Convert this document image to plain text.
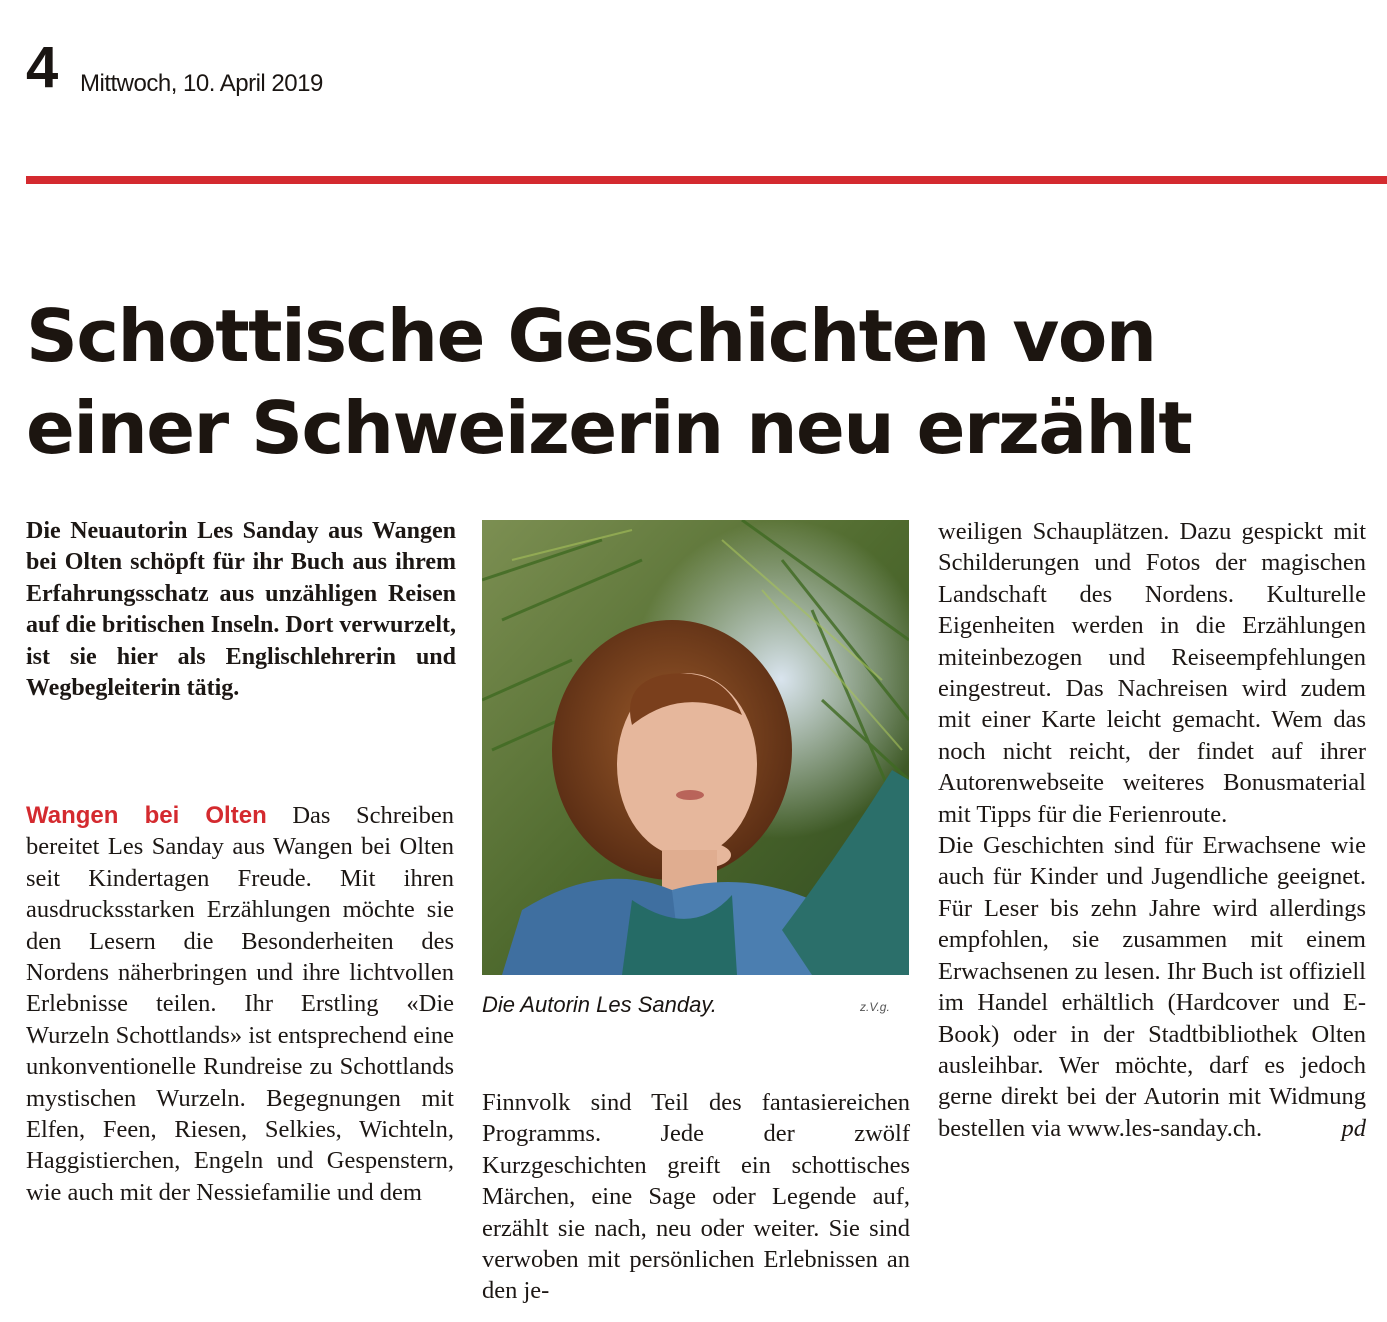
4 Mittwoch, 10. April 2019
Schottische Geschichten von
einer Schweizerin neu erzählt

Die Neuautorin Les Sanday aus Wangen bei Olten schöpft für ihr Buch aus ihrem Erfahrungsschatz aus unzähligen Reisen auf die britischen Inseln. Dort verwurzelt, ist sie hier als Englischlehrerin und Wegbegleiterin tätig.

Wangen bei Olten Das Schreiben bereitet Les Sanday aus Wangen bei Olten seit Kindertagen Freude. Mit ihren ausdrucksstarken Erzählungen möchte sie den Lesern die Besonderheiten des Nordens näherbringen und ihre lichtvollen Erlebnisse teilen. Ihr Erstling «Die Wurzeln Schottlands» ist entsprechend eine unkonventionelle Rundreise zu Schottlands mystischen Wurzeln. Begegnungen mit Elfen, Feen, Riesen, Selkies, Wichteln, Haggistierchen, Engeln und Gespenstern, wie auch mit der Nessiefamilie und dem

Die Autorin Les Sanday.	z.V.g.

Finnvolk sind Teil des fantasiereichen Programms. Jede der zwölf Kurzgeschichten greift ein schottisches Märchen, eine Sage oder Legende auf, erzählt sie nach, neu oder weiter. Sie sind verwoben mit persönlichen Erlebnissen an den je-

weiligen Schauplätzen. Dazu gespickt mit Schilderungen und Fotos der magischen Landschaft des Nordens. Kulturelle Eigenheiten werden in die Erzählungen miteinbezogen und Reiseempfehlungen eingestreut. Das Nachreisen wird zudem mit einer Karte leicht gemacht. Wem das noch nicht reicht, der findet auf ihrer Autorenwebseite weiteres Bonusmaterial mit Tipps für die Ferienroute.

Die Geschichten sind für Erwachsene wie auch für Kinder und Jugendliche geeignet. Für Leser bis zehn Jahre wird allerdings empfohlen, sie zusammen mit einem Erwachsenen zu lesen. Ihr Buch ist offiziell im Handel erhältlich (Hardcover und E-Book) oder in der Stadtbibliothek Olten ausleihbar. Wer möchte, darf es jedoch gerne direkt bei der Autorin mit Widmung bestellen via www.les-sanday.ch.	pd
